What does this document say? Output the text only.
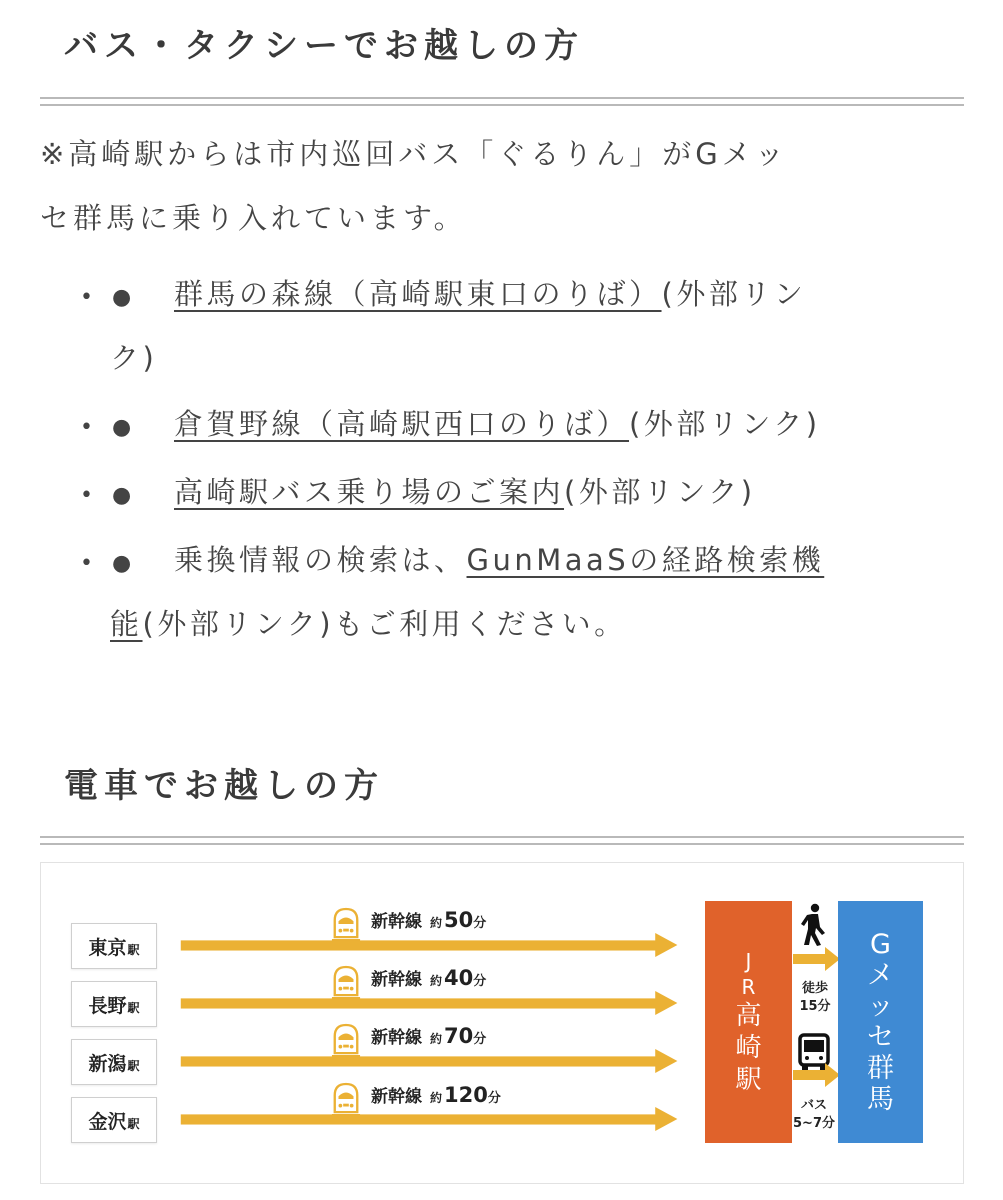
バス・タクシーでお越しの方
※高崎駅からは市内巡回バス「ぐるりん」がGメッ
セ群馬に乗り入れています。
• ● 群馬の森線（高崎駅東口のりば）(外部リン
ク)
• ● 倉賀野線（高崎駅西口のりば）(外部リンク)
• ● 高崎駅バス乗り場のご案内(外部リンク)
• ● 乗換情報の検索は、GunMaaSの経路検索機
能(外部リンク)もご利用ください。
電車でお越しの方
東京 駅
新幹線 約50分
長野 駅
新幹線 約40分
新潟 駅
新幹線 約70分
金沢 駅
新幹線 約120分
J
R
高
崎
駅
徒歩
15分
バス
5~7分
G
メ
ッ
セ
群
馬
